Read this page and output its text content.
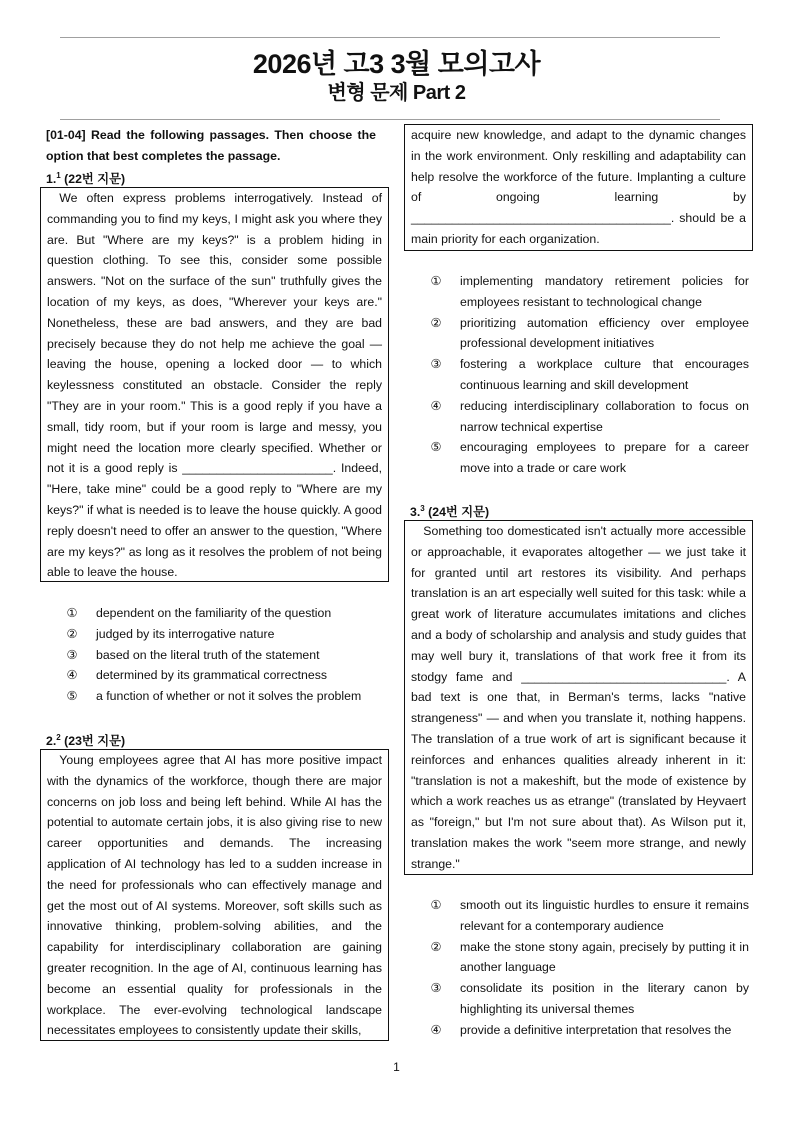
2026년 고3 3월 모의고사
변형 문제 Part 2
[01-04] Read the following passages. Then choose the option that best completes the passage.
1.$^1$ (22번 지문)
We often express problems interrogatively. Instead of commanding you to find my keys, I might ask you where they are. But "Where are my keys?" is a problem hiding in question clothing. To see this, consider some possible answers. "Not on the surface of the sun" truthfully gives the location of my keys, as does, "Wherever your keys are." Nonetheless, these are bad answers, and they are bad precisely because they do not help me achieve the goal — leaving the house, opening a locked door — to which keylessness constituted an obstacle. Consider the reply "They are in your room." This is a good reply if you have a small, tidy room, but if your room is large and messy, you might need the location more clearly specified. Whether or not it is a good reply is ______________________. Indeed, "Here, take mine" could be a good reply to "Where are my keys?" if what is needed is to leave the house quickly. A good reply doesn't need to offer an answer to the question, "Where are my keys?" as long as it resolves the problem of not being able to leave the house.
①	dependent on the familiarity of the question
②	judged by its interrogative nature
③	based on the literal truth of the statement
④	determined by its grammatical correctness
⑤	a function of whether or not it solves the problem
2.$^2$ (23번 지문)
Young employees agree that AI has more positive impact with the dynamics of the workforce, though there are major concerns on job loss and being left behind. While AI has the potential to automate certain jobs, it is also giving rise to new career opportunities and demands. The increasing application of AI technology has led to a sudden increase in the need for professionals who can effectively manage and get the most out of AI systems. Moreover, soft skills such as innovative thinking, problem-solving abilities, and the capability for interdisciplinary collaboration are gaining greater recognition. In the age of AI, continuous learning has become an essential quality for professionals in the workplace. The ever-evolving technological landscape necessitates employees to consistently update their skills,
acquire new knowledge, and adapt to the dynamic changes in the work environment. Only reskilling and adaptability can help resolve the workforce of the future. Implanting a culture of ongoing learning by ______________________________________. should be a main priority for each organization.
①	implementing mandatory retirement policies for employees resistant to technological change
②	prioritizing automation efficiency over employee professional development initiatives
③	fostering a workplace culture that encourages continuous learning and skill development
④	reducing interdisciplinary collaboration to focus on narrow technical expertise
⑤	encouraging employees to prepare for a career move into a trade or care work
3.$^3$ (24번 지문)
Something too domesticated isn't actually more accessible or approachable, it evaporates altogether — we just take it for granted until art restores its visibility. And perhaps translation is an art especially well suited for this task: while a great work of literature accumulates imitations and cliches and a body of scholarship and analysis and study guides that may well bury it, translations of that work free it from its stodgy fame and ______________________________. A bad text is one that, in Berman's terms, lacks "native strangeness" — and when you translate it, nothing happens. The translation of a true work of art is significant because it reinforces and enhances qualities already inherent in it: "translation is not a makeshift, but the mode of existence by which a work reaches us as etrange" (translated by Heyvaert as "foreign," but I'm not sure about that). As Wilson put it, translation makes the work "seem more strange, and newly strange."
①	smooth out its linguistic hurdles to ensure it remains relevant for a contemporary audience
②	make the stone stony again, precisely by putting it in another language
③	consolidate its position in the literary canon by highlighting its universal themes
④	provide a definitive interpretation that resolves the
1
